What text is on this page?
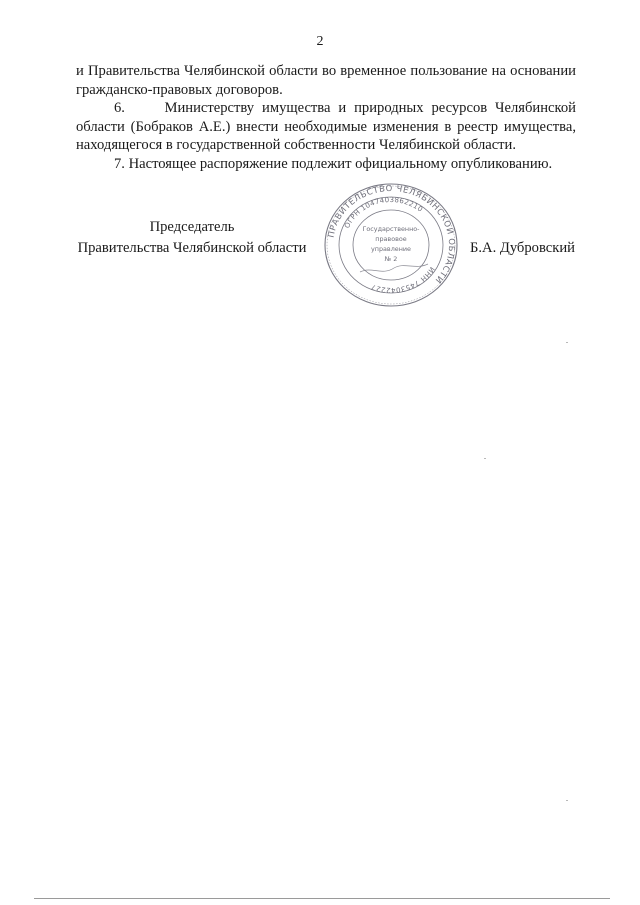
2

и Правительства Челябинской области во временное пользование на основании гражданско-правовых договоров.

6.     Министерству имущества и природных ресурсов Челябинской области (Бобраков А.Е.) внести необходимые изменения в реестр имущества, находящегося в государственной собственности Челябинской области.

7. Настоящее распоряжение подлежит официальному опубликованию.

Председатель
Правительства Челябинской области
ПРАВИТЕЛЬСТВО ЧЕЛЯБИНСКОЙ ОБЛАСТИ
ОГРН 1047403862210
ИНН 7453042227
Государственно-
правовое
управление
№ 2
Б.А. Дубровский
